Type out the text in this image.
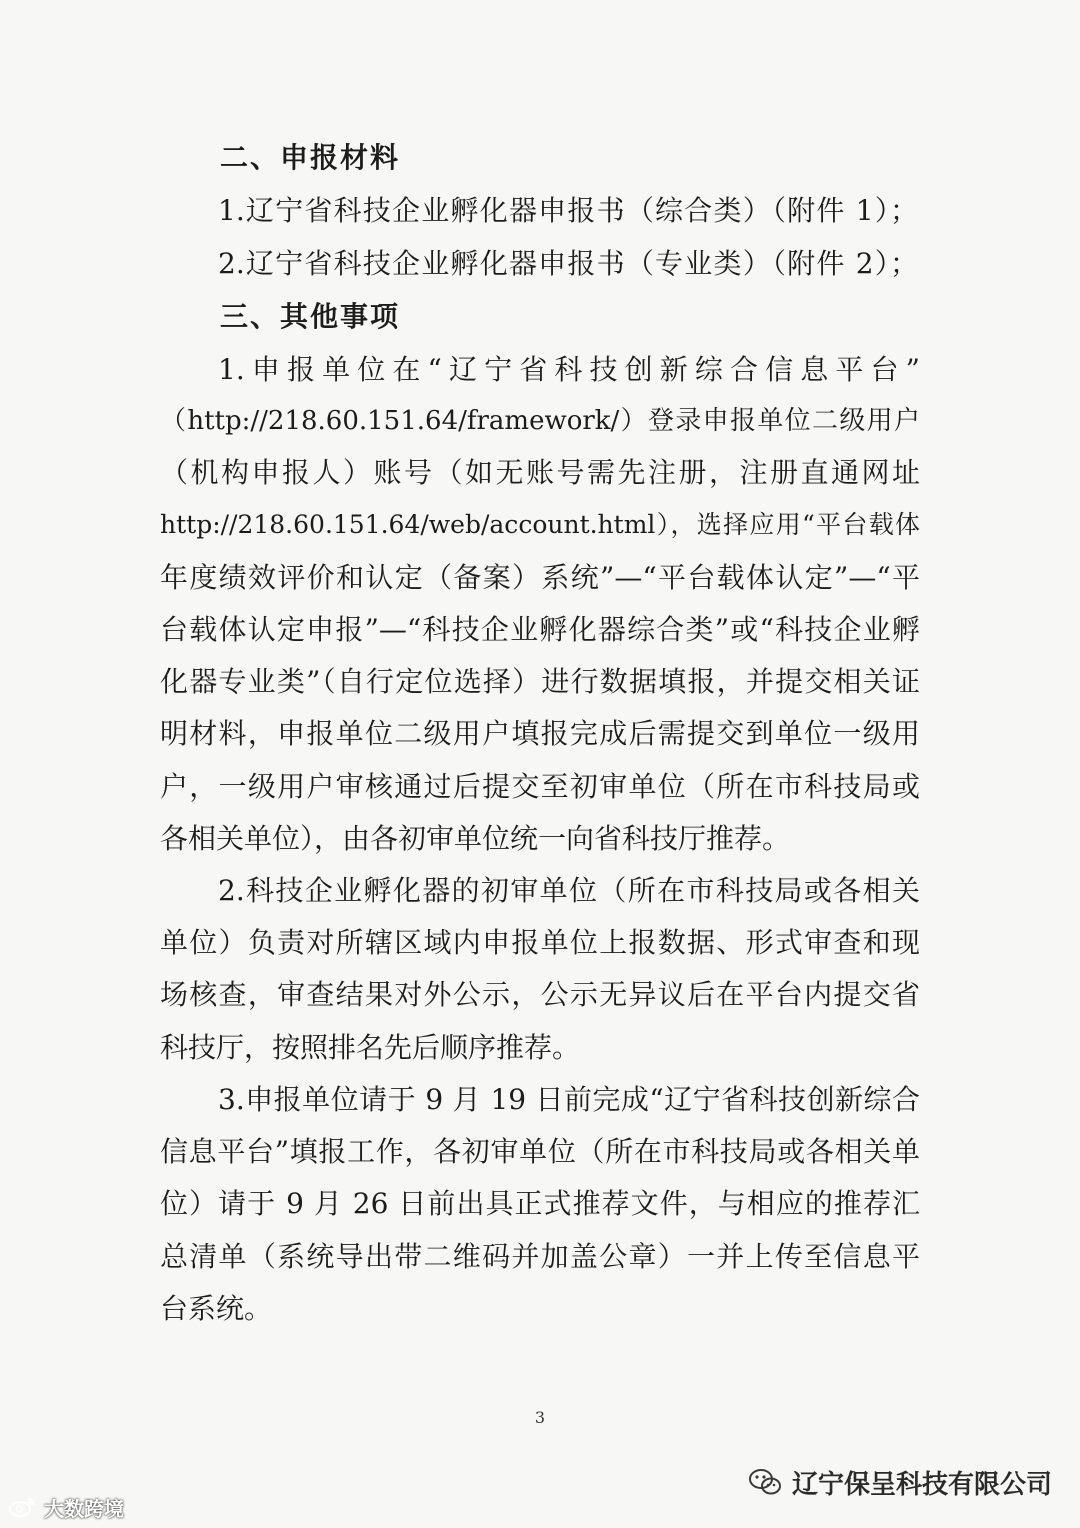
二、申报材料
1.辽宁省科技企业孵化器申报书（综合类）（附件 1）；
2.辽宁省科技企业孵化器申报书（专业类）（附件 2）；
三、其他事项
1.申报单位在“辽宁省科技创新综合信息平台”
（http://218.60.151.64/framework/）登录申报单位二级用户
（机构申报人）账号（如无账号需先注册，注册直通网址
http://218.60.151.64/web/account.html），选择应用“平台载体
年度绩效评价和认定（备案）系统”—“平台载体认定”—“平
台载体认定申报”—“科技企业孵化器综合类”或“科技企业孵
化器专业类”（自行定位选择）进行数据填报，并提交相关证
明材料，申报单位二级用户填报完成后需提交到单位一级用
户，一级用户审核通过后提交至初审单位（所在市科技局或
各相关单位），由各初审单位统一向省科技厅推荐。
2.科技企业孵化器的初审单位（所在市科技局或各相关
单位）负责对所辖区域内申报单位上报数据、形式审查和现
场核查，审查结果对外公示，公示无异议后在平台内提交省
科技厅，按照排名先后顺序推荐。
3.申报单位请于 9 月 19 日前完成“辽宁省科技创新综合
信息平台”填报工作，各初审单位（所在市科技局或各相关单
位）请于 9 月 26 日前出具正式推荐文件，与相应的推荐汇
总清单（系统导出带二维码并加盖公章）一并上传至信息平
台系统。
3
辽宁保呈科技有限公司
大数跨境
